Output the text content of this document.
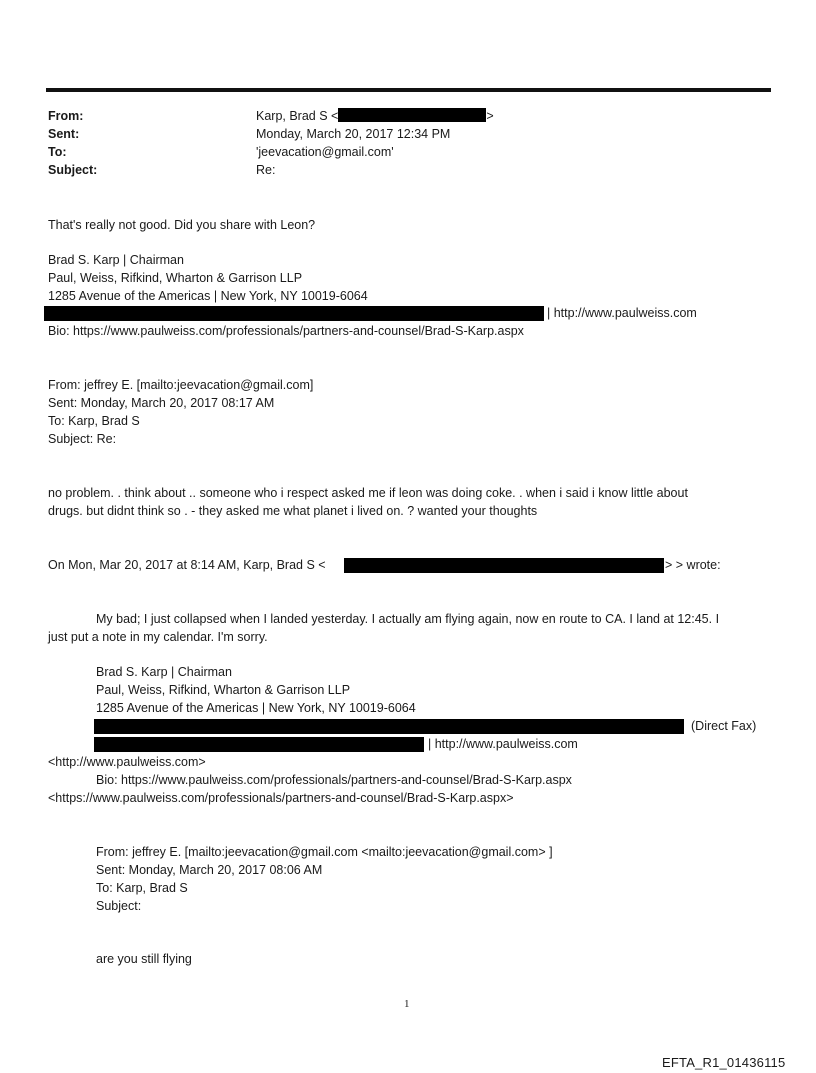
From:
Sent:
To:
Subject:
Karp, Brad S <	>
Monday, March 20, 2017 12:34 PM
'jeevacation@gmail.com'
Re:
That's really not good. Did you share with Leon?
Brad S. Karp | Chairman
Paul, Weiss, Rifkind, Wharton & Garrison LLP
1285 Avenue of the Americas | New York, NY 10019-6064
| http://www.paulweiss.com
Bio: https://www.paulweiss.com/professionals/partners-and-counsel/Brad-S-Karp.aspx
From: jeffrey E. [mailto:jeevacation@gmail.com]
Sent: Monday, March 20, 2017 08:17 AM
To: Karp, Brad S
Subject: Re:
no problem. . think about .. someone who i respect asked me if leon was doing coke. . when i said i know little about
drugs. but didnt think so . - they asked me what planet i lived on. ? wanted your thoughts
On Mon, Mar 20, 2017 at 8:14 AM, Karp, Brad S <	> > wrote:
My bad; I just collapsed when I landed yesterday. I actually am flying again, now en route to CA. I land at 12:45. I
just put a note in my calendar. I'm sorry.
Brad S. Karp | Chairman
Paul, Weiss, Rifkind, Wharton & Garrison LLP
1285 Avenue of the Americas | New York, NY 10019-6064
(Direct Fax)
| http://www.paulweiss.com
<http://www.paulweiss.com>
Bio: https://www.paulweiss.com/professionals/partners-and-counsel/Brad-S-Karp.aspx
<https://www.paulweiss.com/professionals/partners-and-counsel/Brad-S-Karp.aspx>
From: jeffrey E. [mailto:jeevacation@gmail.com <mailto:jeevacation@gmail.com> ]
Sent: Monday, March 20, 2017 08:06 AM
To: Karp, Brad S
Subject:
are you still flying
1
EFTA_R1_01436115
